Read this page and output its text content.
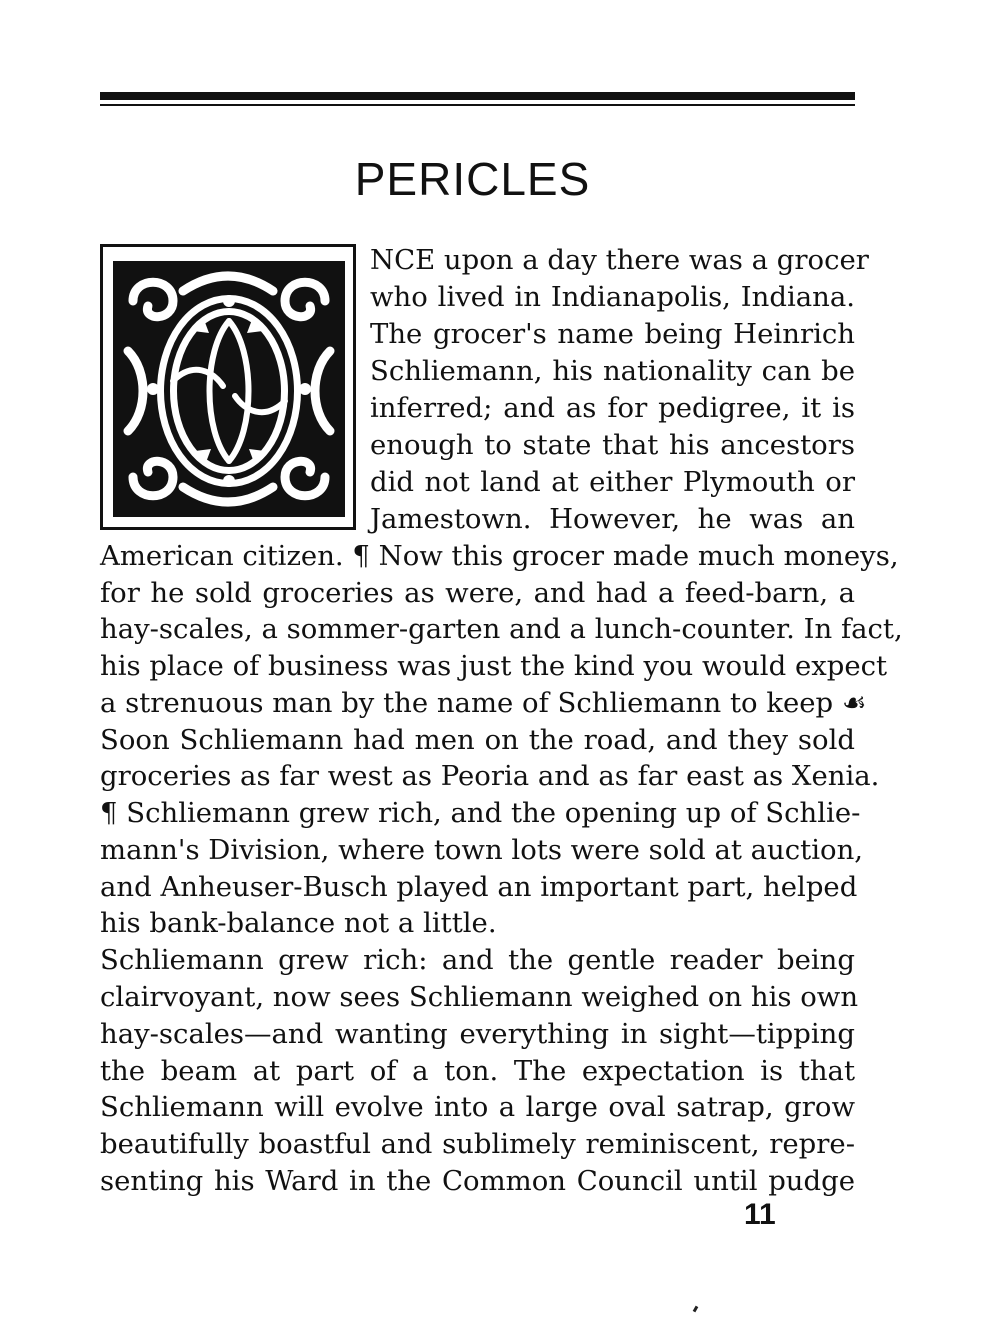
PERICLES
NCE upon a day there was a grocer
who lived in Indianapolis, Indiana.
The grocer's name being Heinrich
Schliemann, his nationality can be
inferred; and as for pedigree, it is
enough to state that his ancestors
did not land at either Plymouth or
Jamestown. However, he was an
American citizen. ¶ Now this grocer made much moneys,
for he sold groceries as were, and had a feed-barn, a
hay-scales, a sommer-garten and a lunch-counter. In fact,
his place of business was just the kind you would expect
a strenuous man by the name of Schliemann to keep ☙
Soon Schliemann had men on the road, and they sold
groceries as far west as Peoria and as far east as Xenia.
¶ Schliemann grew rich, and the opening up of Schlie-
mann's Division, where town lots were sold at auction,
and Anheuser-Busch played an important part, helped
his bank-balance not a little.
Schliemann grew rich: and the gentle reader being
clairvoyant, now sees Schliemann weighed on his own
hay-scales—and wanting everything in sight—tipping
the beam at part of a ton. The expectation is that
Schliemann will evolve into a large oval satrap, grow
beautifully boastful and sublimely reminiscent, repre-
senting his Ward in the Common Council until pudge
11
